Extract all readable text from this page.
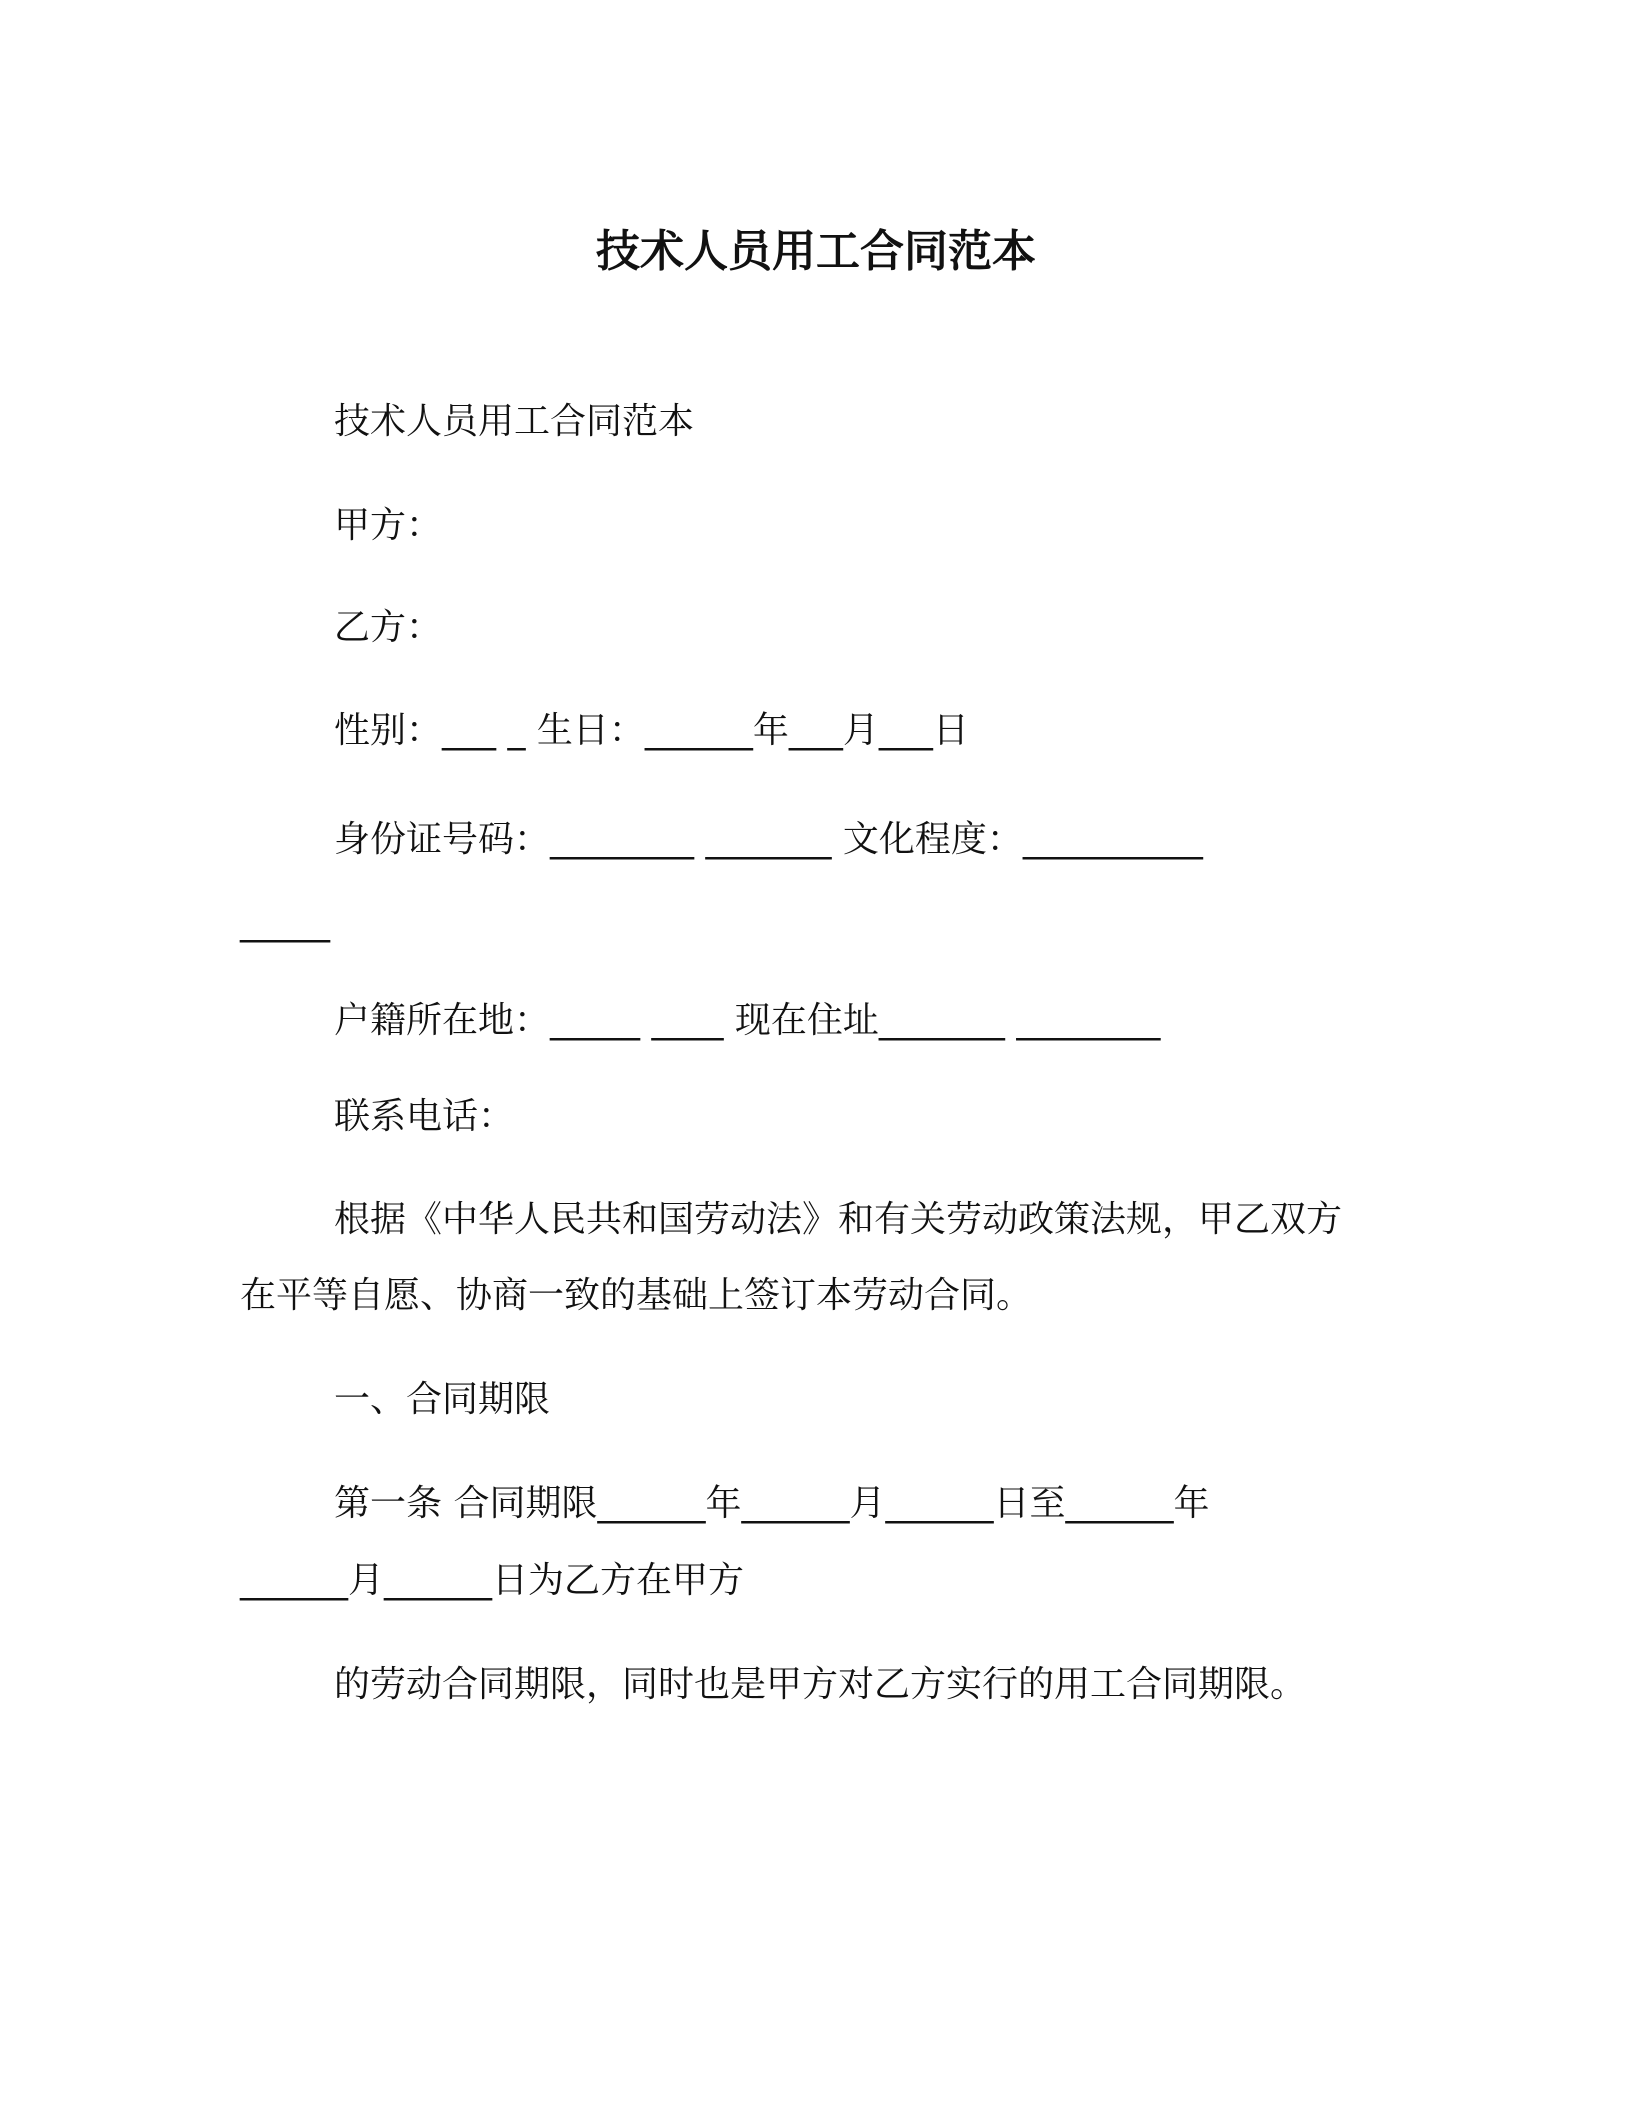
技术人员用工合同范本
技术人员用工合同范本
甲方：
乙方：
性别：___ _ 生日：______年___月___日
身份证号码：________ _______ 文化程度：__________
_____
户籍所在地：_____ ____ 现在住址_______ ________
联系电话：
根据《中华人民共和国劳动法》和有关劳动政策法规，甲乙双方
在平等自愿、协商一致的基础上签订本劳动合同。
一、合同期限
第一条 合同期限______年______月______日至______年
______月______日为乙方在甲方
的劳动合同期限，同时也是甲方对乙方实行的用工合同期限。
